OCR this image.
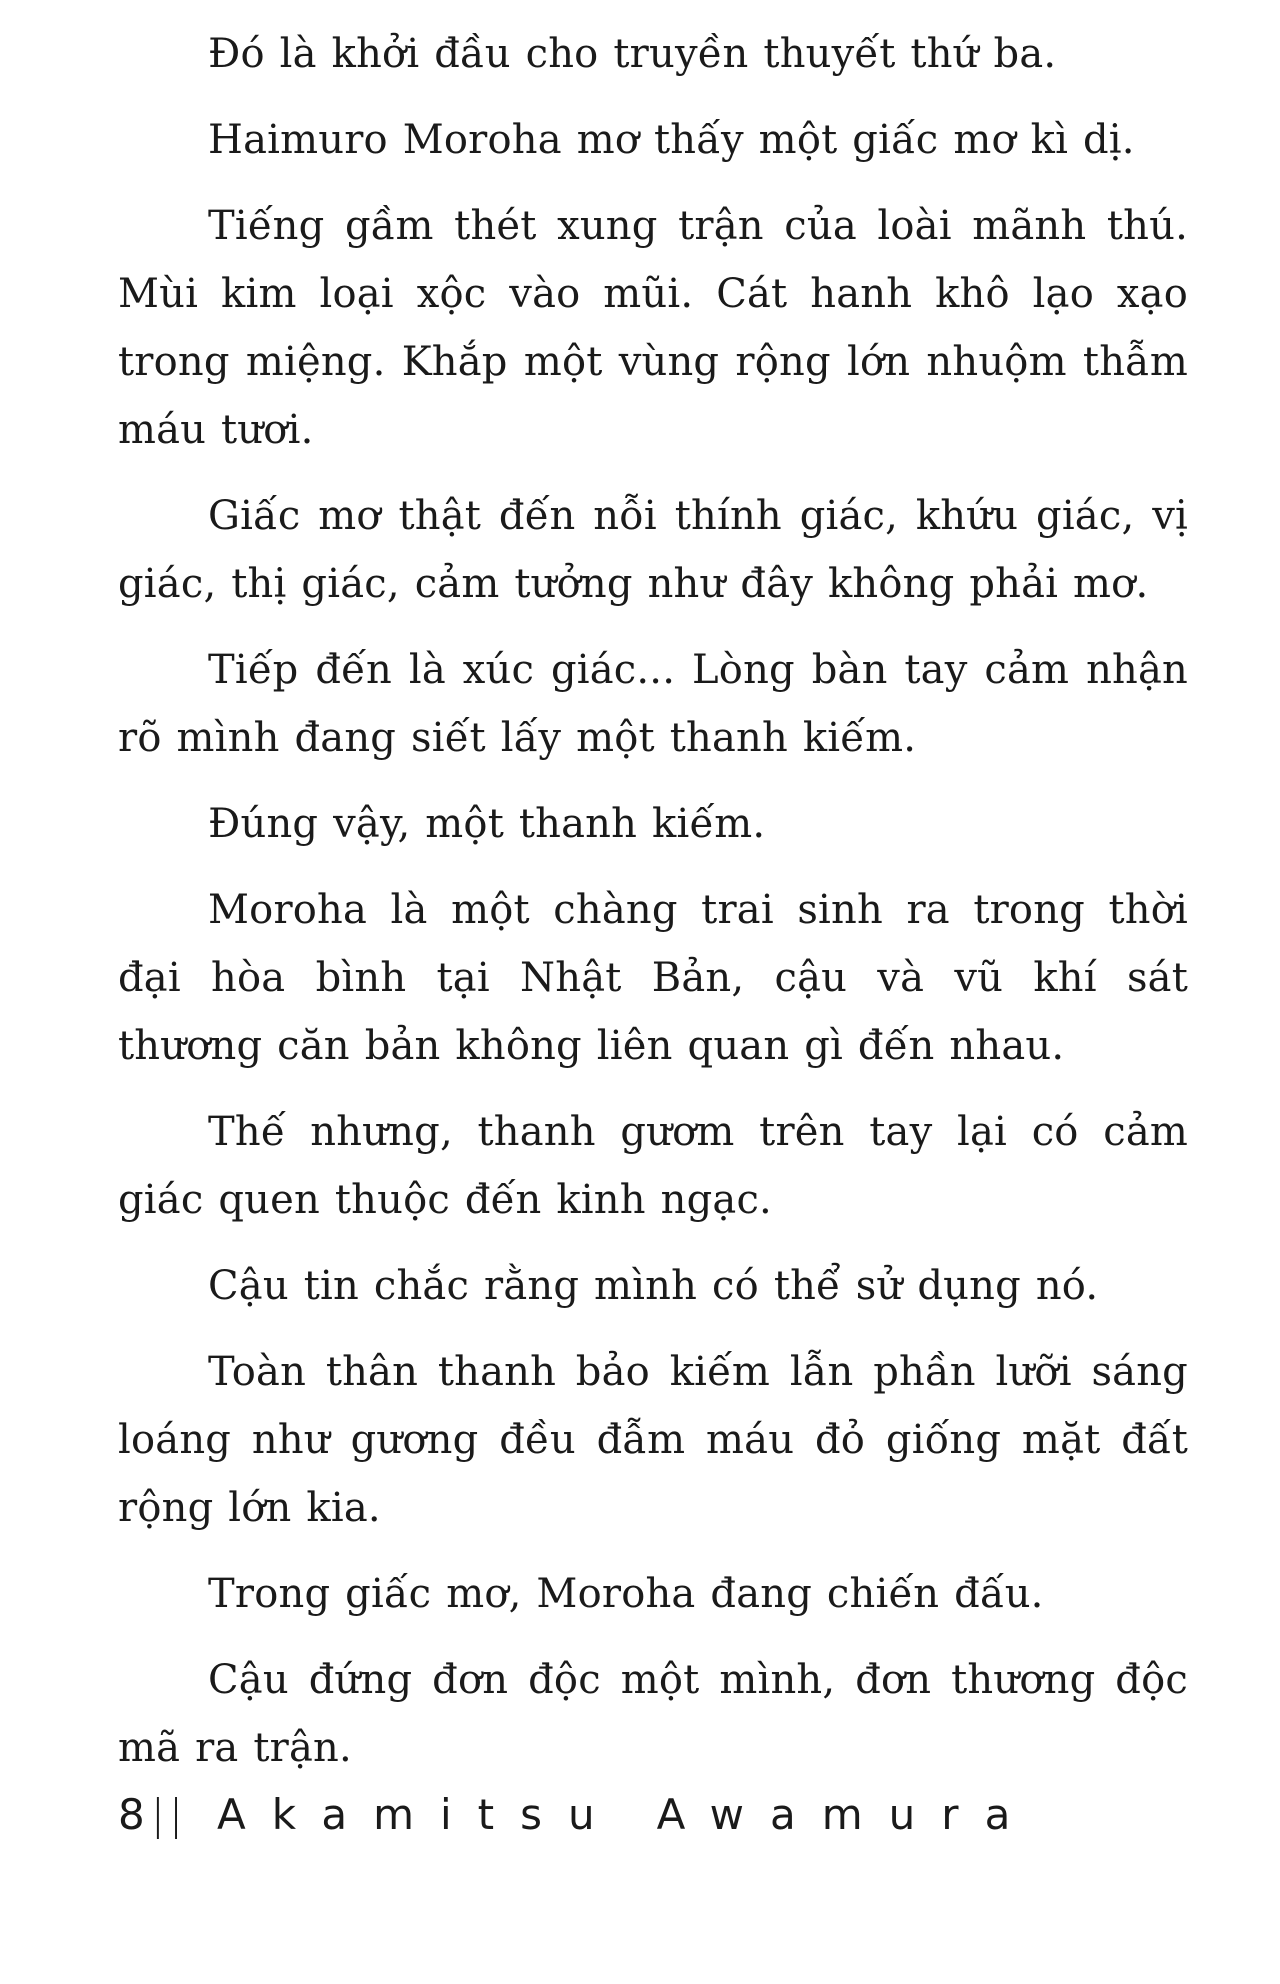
Đó là khởi đầu cho truyền thuyết thứ ba.

Haimuro Moroha mơ thấy một giấc mơ kì dị.

Tiếng gầm thét xung trận của loài mãnh thú. Mùi kim loại xộc vào mũi. Cát hanh khô lạo xạo trong miệng. Khắp một vùng rộng lớn nhuộm thẫm máu tươi.

Giấc mơ thật đến nỗi thính giác, khứu giác, vị giác, thị giác, cảm tưởng như đây không phải mơ.

Tiếp đến là xúc giác... Lòng bàn tay cảm nhận rõ mình đang siết lấy một thanh kiếm.

Đúng vậy, một thanh kiếm.

Moroha là một chàng trai sinh ra trong thời đại hòa bình tại Nhật Bản, cậu và vũ khí sát thương căn bản không liên quan gì đến nhau.

Thế nhưng, thanh gươm trên tay lại có cảm giác quen thuộc đến kinh ngạc.

Cậu tin chắc rằng mình có thể sử dụng nó.

Toàn thân thanh bảo kiếm lẫn phần lưỡi sáng loáng như gương đều đẫm máu đỏ giống mặt đất rộng lớn kia.

Trong giấc mơ, Moroha đang chiến đấu.

Cậu đứng đơn độc một mình, đơn thương độc mã ra trận.

8 || Akamitsu Awamura
